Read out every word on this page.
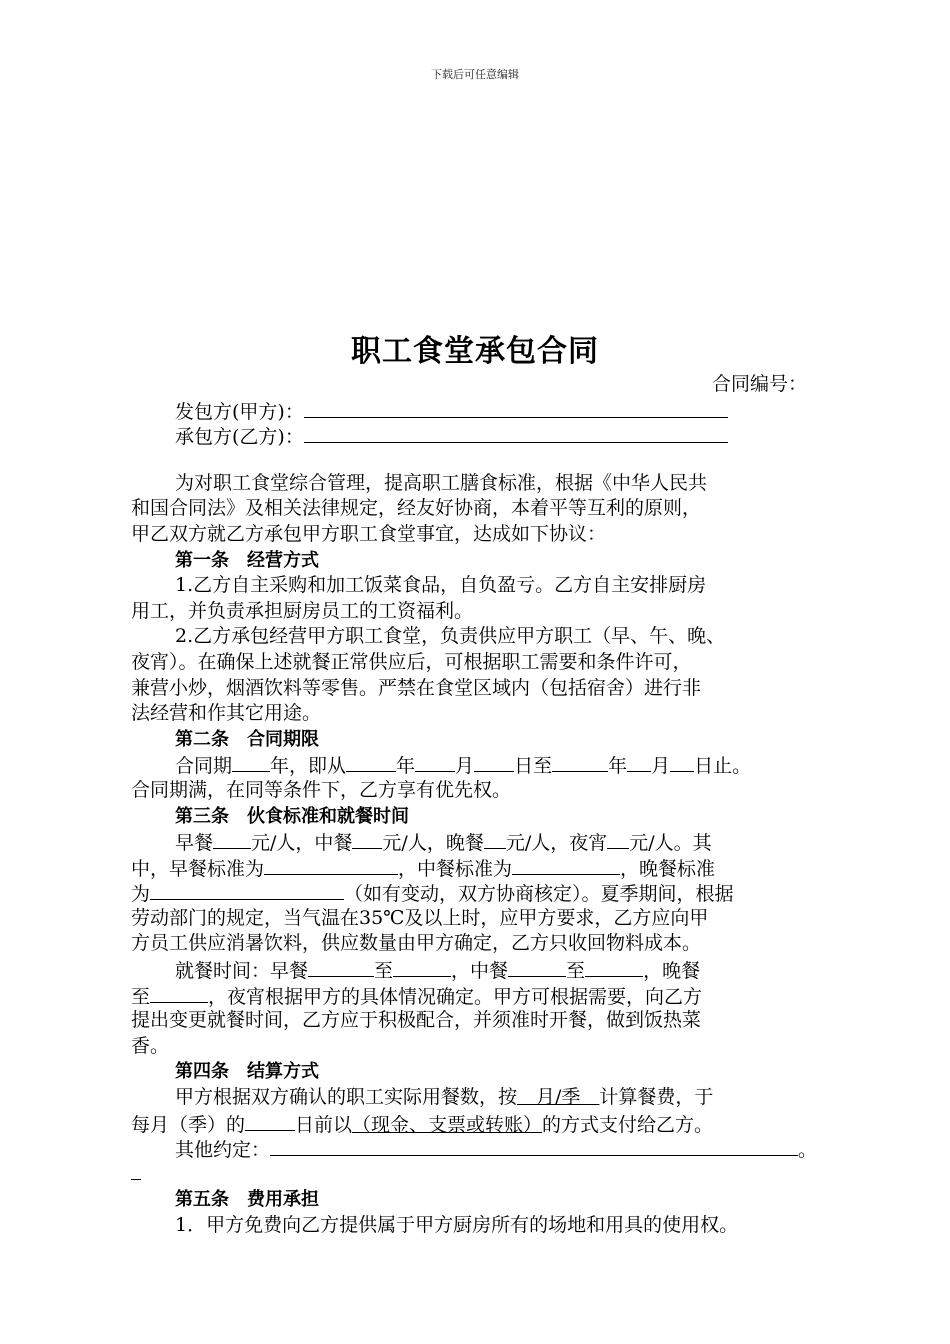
下载后可任意编辑
职工食堂承包合同
合同编号：
发包方(甲方)：
承包方(乙方)：
为对职工食堂综合管理，提高职工膳食标准，根据《中华人民共
和国合同法》及相关法律规定，经友好协商，本着平等互利的原则，
甲乙双方就乙方承包甲方职工食堂事宜，达成如下协议：
第一条　经营方式
1.乙方自主采购和加工饭菜食品，自负盈亏。乙方自主安排厨房
用工，并负责承担厨房员工的工资福利。
2.乙方承包经营甲方职工食堂，负责供应甲方职工（早、午、晚、
夜宵）。在确保上述就餐正常供应后，可根据职工需要和条件许可，
兼营小炒，烟酒饮料等零售。严禁在食堂区域内（包括宿舍）进行非
法经营和作其它用途。
第二条　合同期限
合同期 年，即从	年 月 日至	年 月 日止。
合同期满，在同等条件下，乙方享有优先权。
第三条　伙食标准和就餐时间
早餐 元/人，中餐 元/人，晚餐 元/人，夜宵 元/人。其
中，早餐标准为	，中餐标准为	，晚餐标准
为	（如有变动，双方协商核定）。夏季期间，根据
劳动部门的规定，当气温在35℃及以上时，应甲方要求，乙方应向甲
方员工供应消暑饮料，供应数量由甲方确定，乙方只收回物料成本。
就餐时间：早餐	至	，中餐	至	，晚餐
至	，夜宵根据甲方的具体情况确定。甲方可根据需要，向乙方
提出变更就餐时间，乙方应于积极配合，并须准时开餐，做到饭热菜
香。
第四条　结算方式
甲方根据双方确认的职工实际用餐数，按　月/季　计算餐费，于
每月（季）的	日前以（现金、支票或转账）的方式支付给乙方。
其他约定：	。
第五条　费用承担
1．甲方免费向乙方提供属于甲方厨房所有的场地和用具的使用权。
